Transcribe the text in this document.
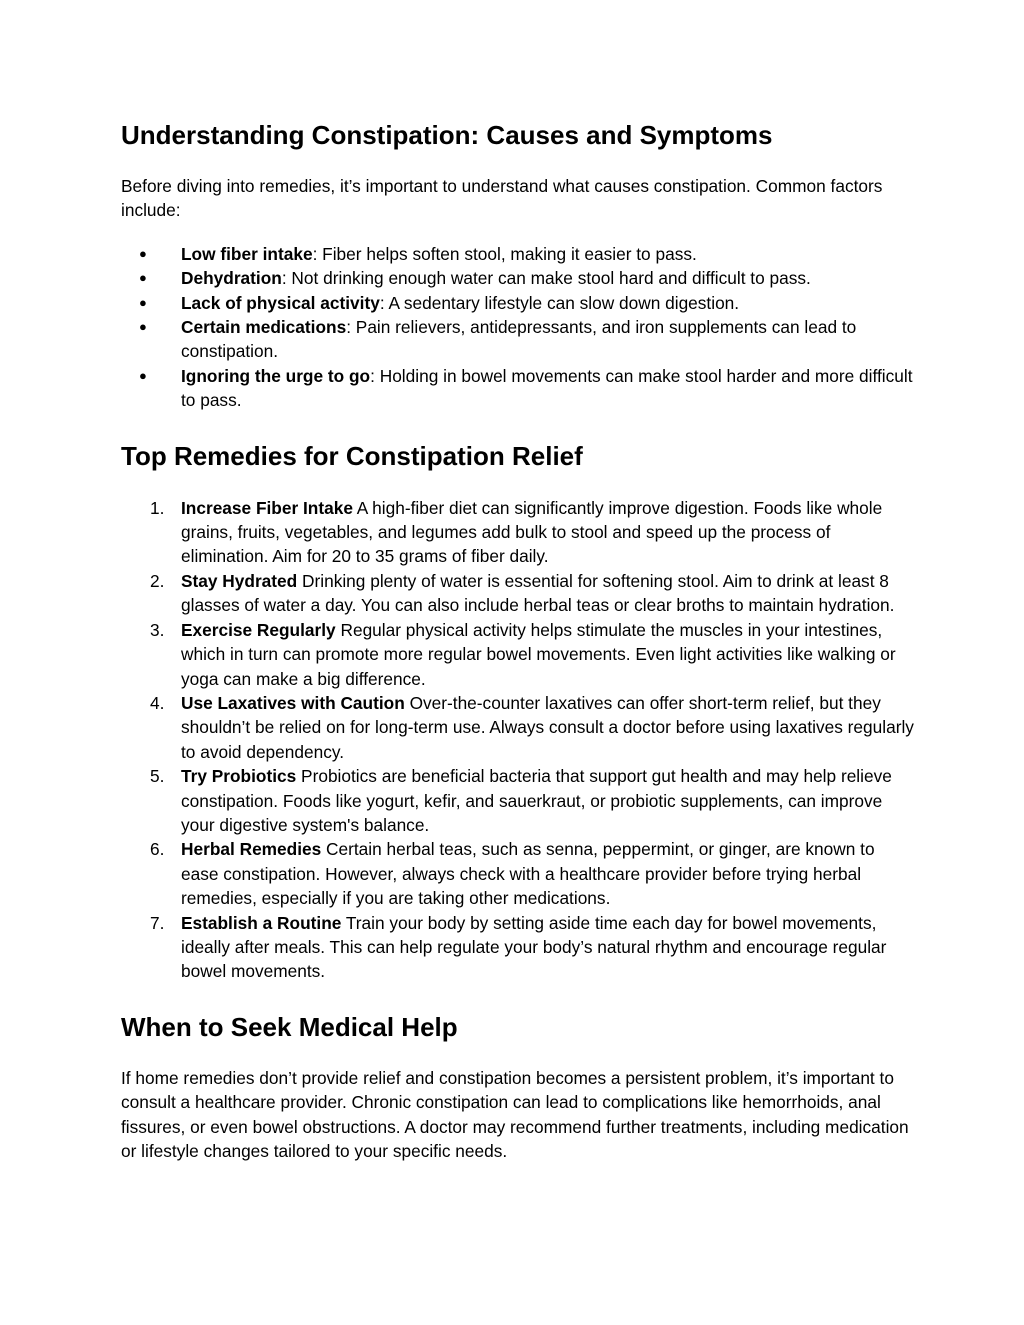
Understanding Constipation: Causes and Symptoms

Before diving into remedies, it’s important to understand what causes constipation. Common factors include:

● Low fiber intake: Fiber helps soften stool, making it easier to pass.
● Dehydration: Not drinking enough water can make stool hard and difficult to pass.
● Lack of physical activity: A sedentary lifestyle can slow down digestion.
● Certain medications: Pain relievers, antidepressants, and iron supplements can lead to constipation.
● Ignoring the urge to go: Holding in bowel movements can make stool harder and more difficult to pass.
Top Remedies for Constipation Relief
1. Increase Fiber Intake A high-fiber diet can significantly improve digestion. Foods like whole grains, fruits, vegetables, and legumes add bulk to stool and speed up the process of elimination. Aim for 20 to 35 grams of fiber daily.
2. Stay Hydrated Drinking plenty of water is essential for softening stool. Aim to drink at least 8 glasses of water a day. You can also include herbal teas or clear broths to maintain hydration.
3. Exercise Regularly Regular physical activity helps stimulate the muscles in your intestines, which in turn can promote more regular bowel movements. Even light activities like walking or yoga can make a big difference.
4. Use Laxatives with Caution Over-the-counter laxatives can offer short-term relief, but they shouldn’t be relied on for long-term use. Always consult a doctor before using laxatives regularly to avoid dependency.
5. Try Probiotics Probiotics are beneficial bacteria that support gut health and may help relieve constipation. Foods like yogurt, kefir, and sauerkraut, or probiotic supplements, can improve your digestive system's balance.
6. Herbal Remedies Certain herbal teas, such as senna, peppermint, or ginger, are known to ease constipation. However, always check with a healthcare provider before trying herbal remedies, especially if you are taking other medications.
7. Establish a Routine Train your body by setting aside time each day for bowel movements, ideally after meals. This can help regulate your body’s natural rhythm and encourage regular bowel movements.
When to Seek Medical Help

If home remedies don’t provide relief and constipation becomes a persistent problem, it’s important to consult a healthcare provider. Chronic constipation can lead to complications like hemorrhoids, anal fissures, or even bowel obstructions. A doctor may recommend further treatments, including medication or lifestyle changes tailored to your specific needs.
